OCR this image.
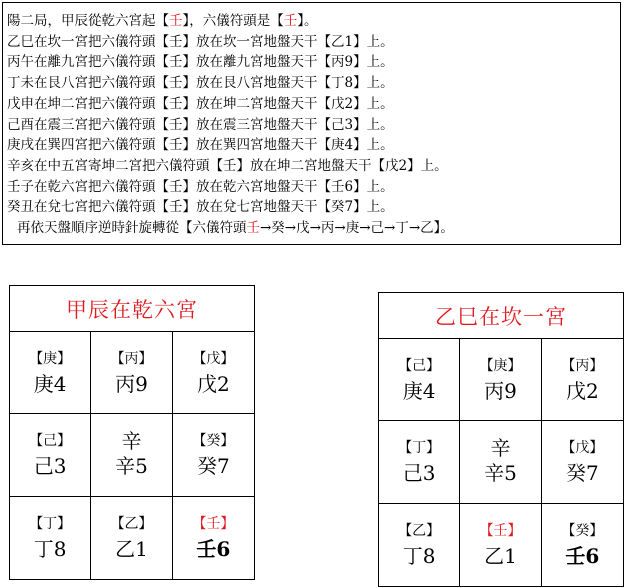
陽二局，甲辰從乾六宮起【壬】，六儀符頭是【壬】。
乙巳在坎一宮把六儀符頭【壬】放在坎一宮地盤天干【乙1】上。
丙午在離九宮把六儀符頭【壬】放在離九宮地盤天干【丙9】上。
丁未在艮八宮把六儀符頭【壬】放在艮八宮地盤天干【丁8】上。
戊申在坤二宮把六儀符頭【壬】放在坤二宮地盤天干【戊2】上。
己酉在震三宮把六儀符頭【壬】放在震三宮地盤天干【己3】上。
庚戌在巽四宮把六儀符頭【壬】放在巽四宮地盤天干【庚4】上。
辛亥在中五宮寄坤二宮把六儀符頭【壬】放在坤二宮地盤天干【戊2】上。
壬子在乾六宮把六儀符頭【壬】放在乾六宮地盤天干【壬6】上。
癸丑在兌七宮把六儀符頭【壬】放在兌七宮地盤天干【癸7】上。
再依天盤順序逆時針旋轉從【六儀符頭壬→癸→戊→丙→庚→己→丁→乙】。
甲辰在乾六宮
【庚】
庚4
【丙】
丙9
【戊】
戊2
【己】
己3
辛
辛5
【癸】
癸7
【丁】
丁8
【乙】
乙1
【壬】
壬6
乙巳在坎一宮
【己】
庚4
【庚】
丙9
【丙】
戊2
【丁】
己3
辛
辛5
【戊】
癸7
【乙】
丁8
【壬】
乙1
【癸】
壬6
